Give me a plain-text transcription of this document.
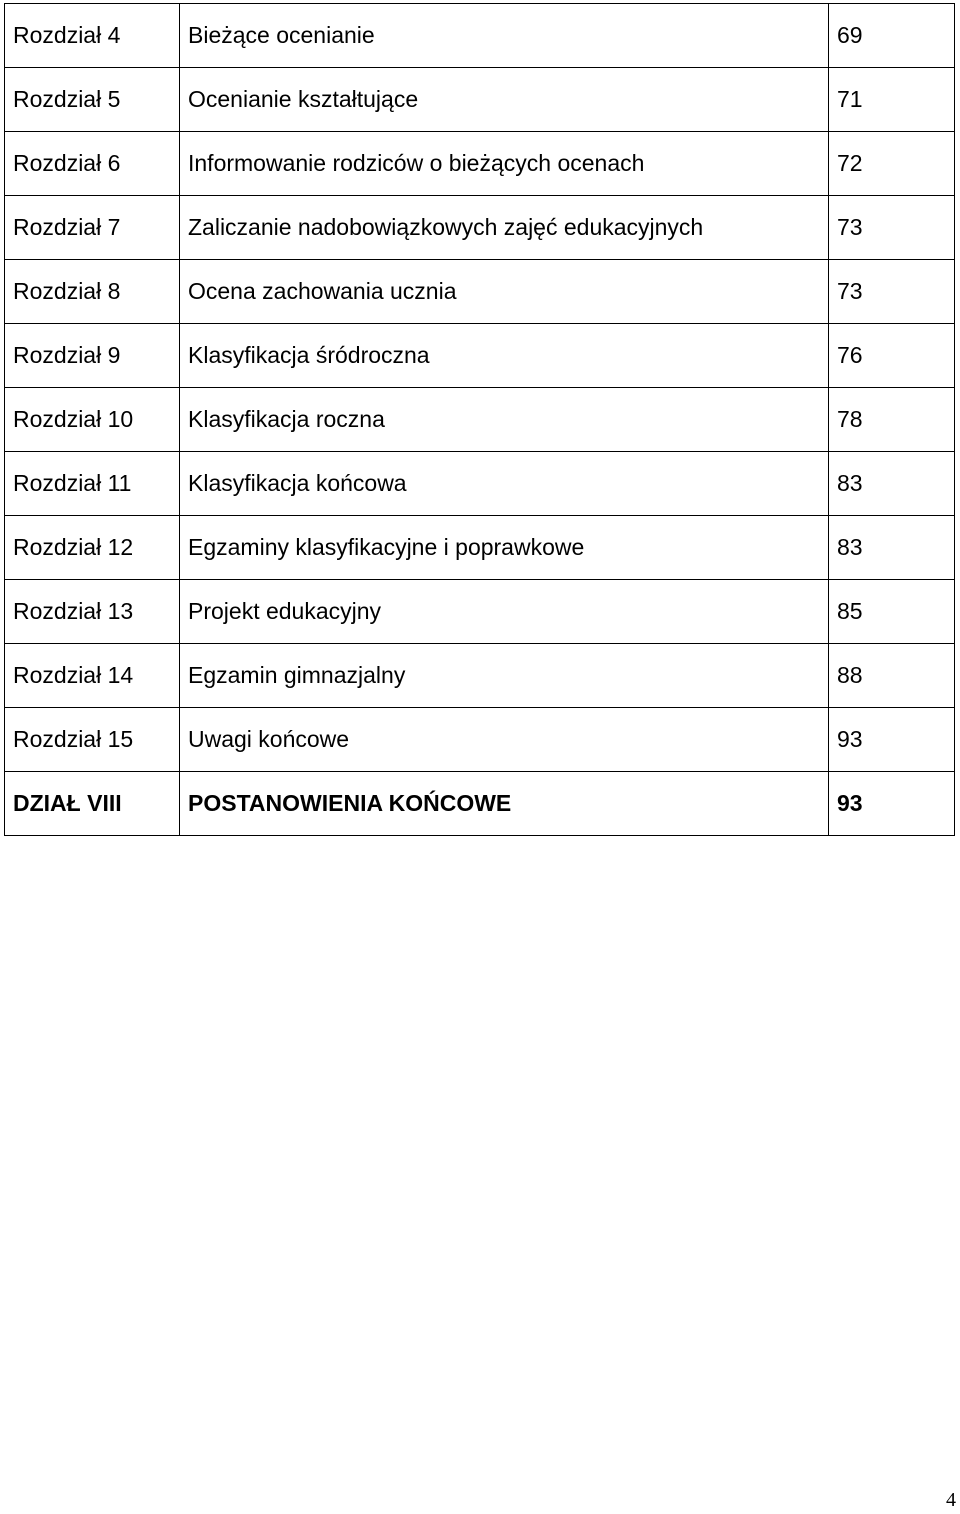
Rozdział 4	Bieżące ocenianie	69
Rozdział 5	Ocenianie kształtujące	71
Rozdział 6	Informowanie rodziców o bieżących ocenach	72
Rozdział 7	Zaliczanie nadobowiązkowych zajęć edukacyjnych	73
Rozdział 8	Ocena zachowania ucznia	73
Rozdział 9	Klasyfikacja śródroczna	76
Rozdział 10	Klasyfikacja roczna	78
Rozdział 11	Klasyfikacja końcowa	83
Rozdział 12	Egzaminy klasyfikacyjne i poprawkowe	83
Rozdział 13	Projekt edukacyjny	85
Rozdział 14	Egzamin gimnazjalny	88
Rozdział 15	Uwagi końcowe	93
DZIAŁ VIII	POSTANOWIENIA KOŃCOWE	93
4
